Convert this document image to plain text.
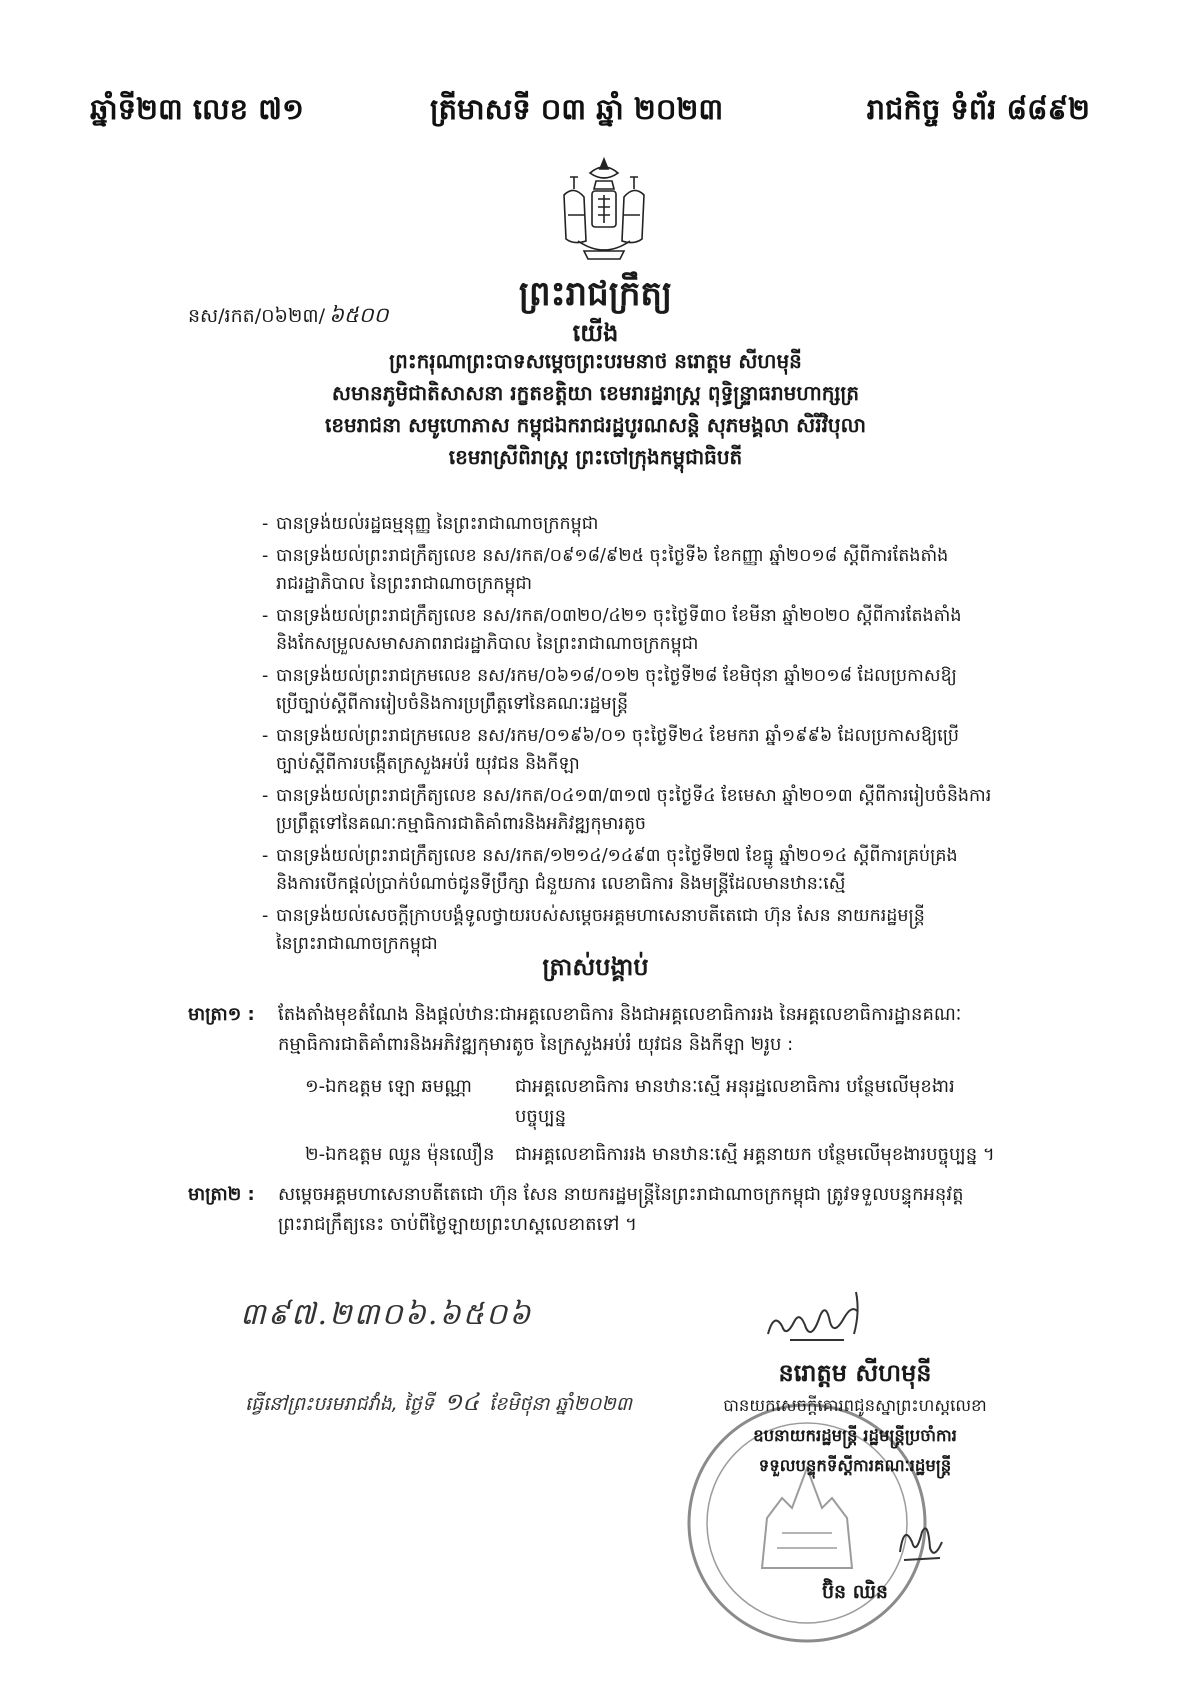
ឆ្នាំទី២៣ លេខ ៧១	ត្រីមាសទី ០៣ ឆ្នាំ ២០២៣	រាជកិច្ច ទំព័រ ៨៨៩២
ព្រះរាជក្រឹត្យ
នស/រកត/០៦២៣/ ៦៥០០
យើង
ព្រះករុណាព្រះបាទសម្តេចព្រះបរមនាថ នរោត្តម សីហមុនី
សមានភូមិជាតិសាសនា រក្ខតខត្តិយា ខេមរារដ្ឋរាស្ត្រ ពុទ្ធិន្ទ្រាធរាមហាក្សត្រ
ខេមរាជនា សមូហោភាស កម្ពុជឯករាជរដ្ឋបូរណសន្តិ សុភមង្គលា សិរីវិបុលា
ខេមរាស្រីពិរាស្ត្រ ព្រះចៅក្រុងកម្ពុជាធិបតី
- បានទ្រង់យល់រដ្ឋធម្មនុញ្ញ នៃព្រះរាជាណាចក្រកម្ពុជា
- បានទ្រង់យល់ព្រះរាជក្រឹត្យលេខ នស/រកត/០៩១៨/៩២៥ ចុះថ្ងៃទី៦ ខែកញ្ញា ឆ្នាំ២០១៨ ស្តីពីការតែងតាំង
រាជរដ្ឋាភិបាល នៃព្រះរាជាណាចក្រកម្ពុជា
- បានទ្រង់យល់ព្រះរាជក្រឹត្យលេខ នស/រកត/០៣២០/៤២១ ចុះថ្ងៃទី៣០ ខែមីនា ឆ្នាំ២០២០ ស្តីពីការតែងតាំង
និងកែសម្រួលសមាសភាពរាជរដ្ឋាភិបាល នៃព្រះរាជាណាចក្រកម្ពុជា
- បានទ្រង់យល់ព្រះរាជក្រមលេខ នស/រកម/០៦១៨/០១២ ចុះថ្ងៃទី២៨ ខែមិថុនា ឆ្នាំ២០១៨ ដែលប្រកាសឱ្យ
ប្រើច្បាប់ស្តីពីការរៀបចំនិងការប្រព្រឹត្តទៅនៃគណៈរដ្ឋមន្ត្រី
- បានទ្រង់យល់ព្រះរាជក្រមលេខ នស/រកម/០១៩៦/០១ ចុះថ្ងៃទី២៤ ខែមករា ឆ្នាំ១៩៩៦ ដែលប្រកាសឱ្យប្រើ
ច្បាប់ស្តីពីការបង្កើតក្រសួងអប់រំ យុវជន និងកីឡា
- បានទ្រង់យល់ព្រះរាជក្រឹត្យលេខ នស/រកត/០៤១៣/៣១៧ ចុះថ្ងៃទី៤ ខែមេសា ឆ្នាំ២០១៣ ស្តីពីការរៀបចំនិងការ
ប្រព្រឹត្តទៅនៃគណៈកម្មាធិការជាតិគាំពារនិងអភិវឌ្ឍកុមារតូច
- បានទ្រង់យល់ព្រះរាជក្រឹត្យលេខ នស/រកត/១២១៤/១៤៩៣ ចុះថ្ងៃទី២៧ ខែធ្នូ ឆ្នាំ២០១៤ ស្តីពីការគ្រប់គ្រង
និងការបើកផ្តល់ប្រាក់បំណាច់ជូនទីប្រឹក្សា ជំនួយការ លេខាធិការ និងមន្ត្រីដែលមានឋានៈស្មើ
- បានទ្រង់យល់សេចក្តីក្រាបបង្គំទូលថ្វាយរបស់សម្តេចអគ្គមហាសេនាបតីតេជោ ហ៊ុន សែន នាយករដ្ឋមន្ត្រី
នៃព្រះរាជាណាចក្រកម្ពុជា
ត្រាស់បង្គាប់
មាត្រា១ : តែងតាំងមុខតំណែង និងផ្តល់ឋានៈជាអគ្គលេខាធិការ និងជាអគ្គលេខាធិការរង នៃអគ្គលេខាធិការដ្ឋានគណៈ
កម្មាធិការជាតិគាំពារនិងអភិវឌ្ឍកុមារតូច នៃក្រសួងអប់រំ យុវជន និងកីឡា ២រូប :
១-ឯកឧត្តម ឡោ ឆមណ្ណា ជាអគ្គលេខាធិការ មានឋានៈស្មើ អនុរដ្ឋលេខាធិការ បន្ថែមលើមុខងារ
បច្ចុប្បន្ន
២-ឯកឧត្តម ឈួន ម៉ុនឈឿន ជាអគ្គលេខាធិការរង មានឋានៈស្មើ អគ្គនាយក បន្ថែមលើមុខងារបច្ចុប្បន្ន ។
មាត្រា២ : សម្តេចអគ្គមហាសេនាបតីតេជោ ហ៊ុន សែន នាយករដ្ឋមន្ត្រីនៃព្រះរាជាណាចក្រកម្ពុជា ត្រូវទទួលបន្ទុកអនុវត្ត
ព្រះរាជក្រឹត្យនេះ ចាប់ពីថ្ងៃឡាយព្រះហស្តលេខាតទៅ ។
៣៩៧.២៣០៦.៦៥០៦
ធ្វើនៅព្រះបរមរាជវាំង, ថ្ងៃទី ១៤ ខែមិថុនា ឆ្នាំ២០២៣
នរោត្តម សីហមុនី
បានយកសេចក្តីគោរពជូនស្នាព្រះហស្តលេខា
ឧបនាយករដ្ឋមន្ត្រី រដ្ឋមន្ត្រីប្រចាំការ
ទទួលបន្ទុកទីស្តីការគណៈរដ្ឋមន្ត្រី
ប៊ិន ឈិន
